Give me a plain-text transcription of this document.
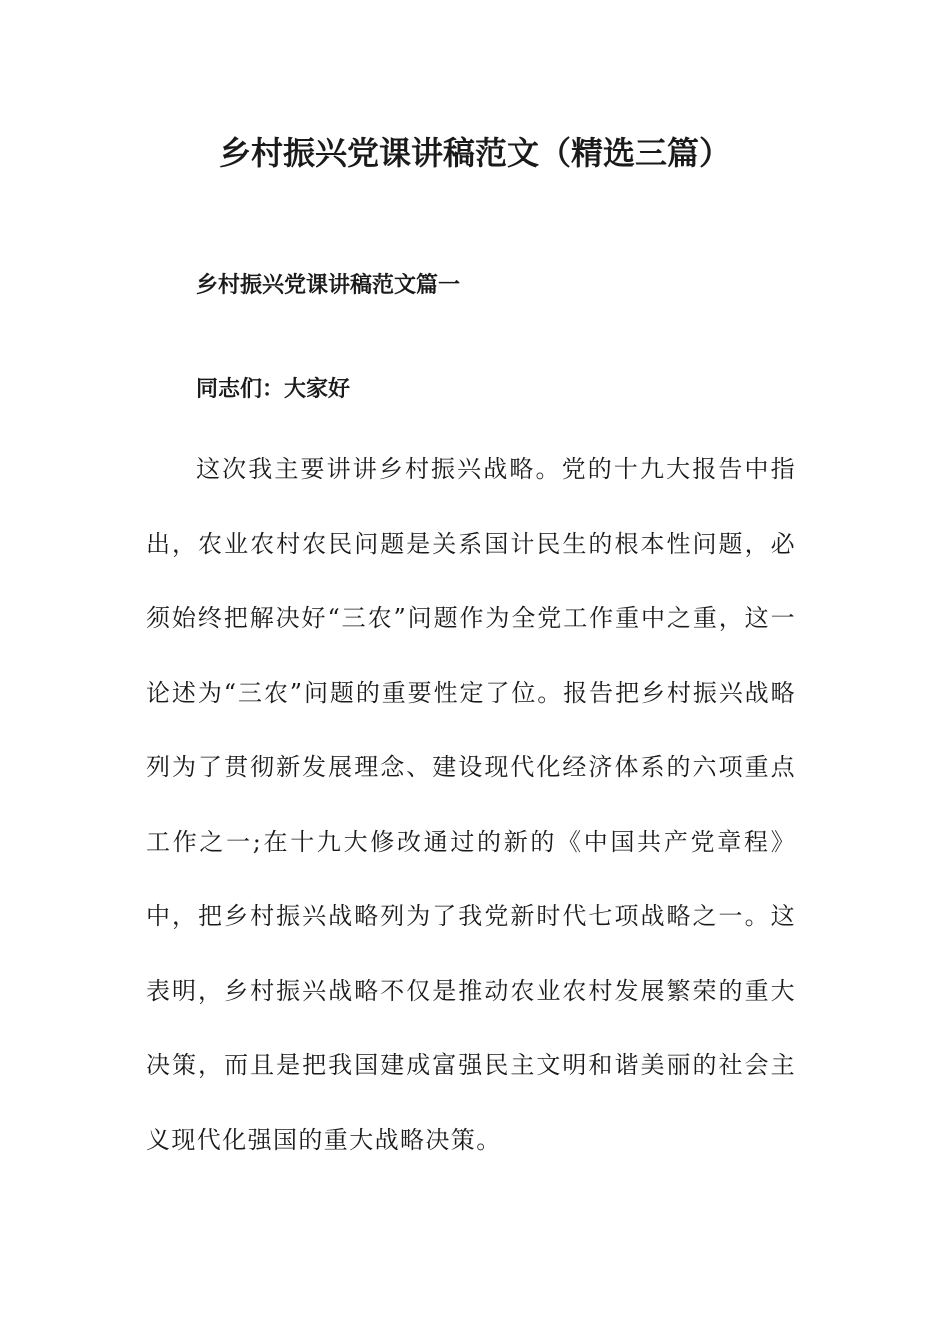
乡村振兴党课讲稿范文（精选三篇）
乡村振兴党课讲稿范文篇一

同志们：大家好

这次我主要讲讲乡村振兴战略。党的十九大报告中指出，农业农村农民问题是关系国计民生的根本性问题，必须始终把解决好“三农”问题作为全党工作重中之重，这一论述为“三农”问题的重要性定了位。报告把乡村振兴战略列为了贯彻新发展理念、建设现代化经济体系的六项重点工作之一;在十九大修改通过的新的《中国共产党章程》中，把乡村振兴战略列为了我党新时代七项战略之一。这表明，乡村振兴战略不仅是推动农业农村发展繁荣的重大决策，而且是把我国建成富强民主文明和谐美丽的社会主义现代化强国的重大战略决策。
